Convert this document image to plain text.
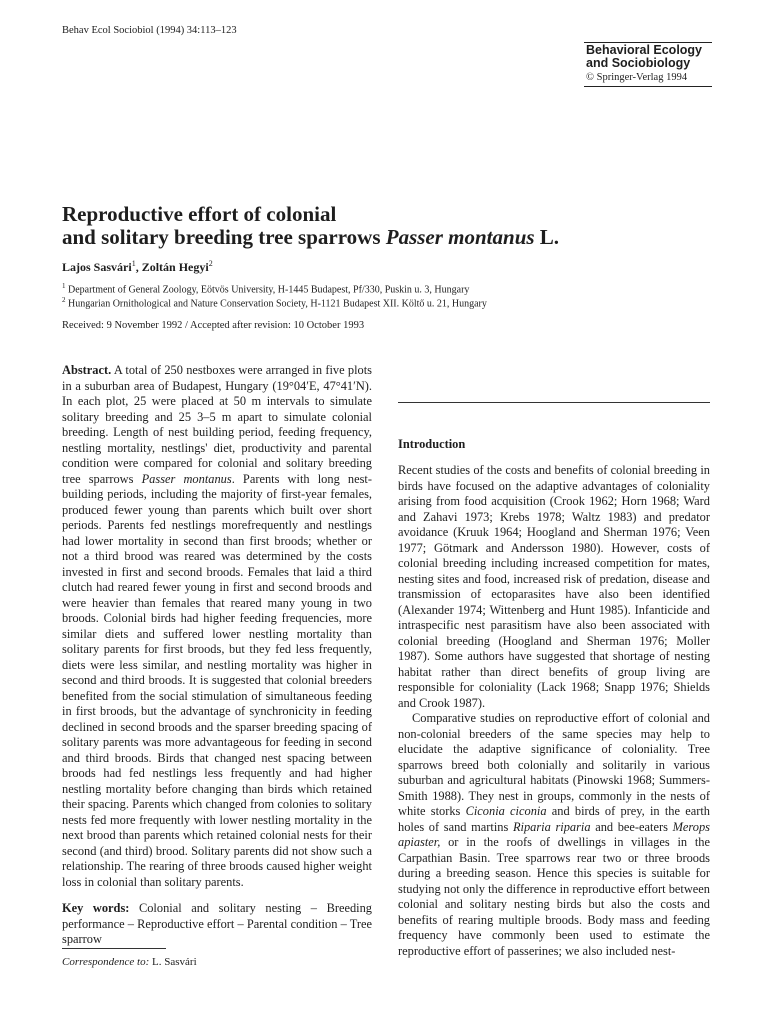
Behav Ecol Sociobiol (1994) 34:113–123
Behavioral Ecology
and Sociobiology
© Springer-Verlag 1994
Reproductive effort of colonial
and solitary breeding tree sparrows Passer montanus L.
Lajos Sasvári$^1$, Zoltán Hegyi$^2$
$^1$ Department of General Zoology, Eötvös University, H-1445 Budapest, Pf/330, Puskin u. 3, Hungary
$^2$ Hungarian Ornithological and Nature Conservation Society, H-1121 Budapest XII. Költő u. 21, Hungary
Received: 9 November 1992 / Accepted after revision: 10 October 1993

Abstract. A total of 250 nestboxes were arranged in five plots in a suburban area of Budapest, Hungary (19°04′E, 47°41′N). In each plot, 25 were placed at 50 m intervals to simulate solitary breeding and 25 3–5 m apart to simulate colonial breeding. Length of nest building period, feeding frequency, nestling mortality, nestlings' diet, productivity and parental condition were compared for colonial and solitary breeding tree sparrows Passer montanus. Parents with long nest-building periods, including the majority of first-year females, produced fewer young than parents which built over short periods. Parents fed nestlings morefrequently and nestlings had lower mortality in second than first broods; whether or not a third brood was reared was determined by the costs invested in first and second broods. Females that laid a third clutch had reared fewer young in first and second broods and were heavier than females that reared many young in two broods. Colonial birds had higher feeding frequencies, more similar diets and suffered lower nestling mortality than solitary parents for first broods, but they fed less frequently, diets were less similar, and nestling mortality was higher in second and third broods. It is suggested that colonial breeders benefited from the social stimulation of simultaneous feeding in first broods, but the advantage of synchronicity in feeding declined in second broods and the sparser breeding spacing of solitary parents was more advantageous for feeding in second and third broods. Birds that changed nest spacing between broods had fed nestlings less frequently and had higher nestling mortality before changing than birds which retained their spacing. Parents which changed from colonies to solitary nests fed more frequently with lower nestling mortality in the next brood than parents which retained colonial nests for their second (and third) brood. Solitary parents did not show such a relationship. The rearing of three broods caused higher weight loss in colonial than solitary parents.

Key words: Colonial and solitary nesting – Breeding performance – Reproductive effort – Parental condition – Tree sparrow

Correspondence to: L. Sasvári
Introduction

Recent studies of the costs and benefits of colonial breeding in birds have focused on the adaptive advantages of coloniality arising from food acquisition (Crook 1962; Horn 1968; Ward and Zahavi 1973; Krebs 1978; Waltz 1983) and predator avoidance (Kruuk 1964; Hoogland and Sherman 1976; Veen 1977; Götmark and Andersson 1980). However, costs of colonial breeding including increased competition for mates, nesting sites and food, increased risk of predation, disease and transmission of ectoparasites have also been identified (Alexander 1974; Wittenberg and Hunt 1985). Infanticide and intraspecific nest parasitism have also been associated with colonial breeding (Hoogland and Sherman 1976; Moller 1987). Some authors have suggested that shortage of nesting habitat rather than direct benefits of group living are responsible for coloniality (Lack 1968; Snapp 1976; Shields and Crook 1987).

Comparative studies on reproductive effort of colonial and non-colonial breeders of the same species may help to elucidate the adaptive significance of coloniality. Tree sparrows breed both colonially and solitarily in various suburban and agricultural habitats (Pinowski 1968; Summers-Smith 1988). They nest in groups, commonly in the nests of white storks Ciconia ciconia and birds of prey, in the earth holes of sand martins Riparia riparia and bee-eaters Merops apiaster, or in the roofs of dwellings in villages in the Carpathian Basin. Tree sparrows rear two or three broods during a breeding season. Hence this species is suitable for studying not only the difference in reproductive effort between colonial and solitary nesting birds but also the costs and benefits of rearing multiple broods. Body mass and feeding frequency have commonly been used to estimate the reproductive effort of passerines; we also included nest-
